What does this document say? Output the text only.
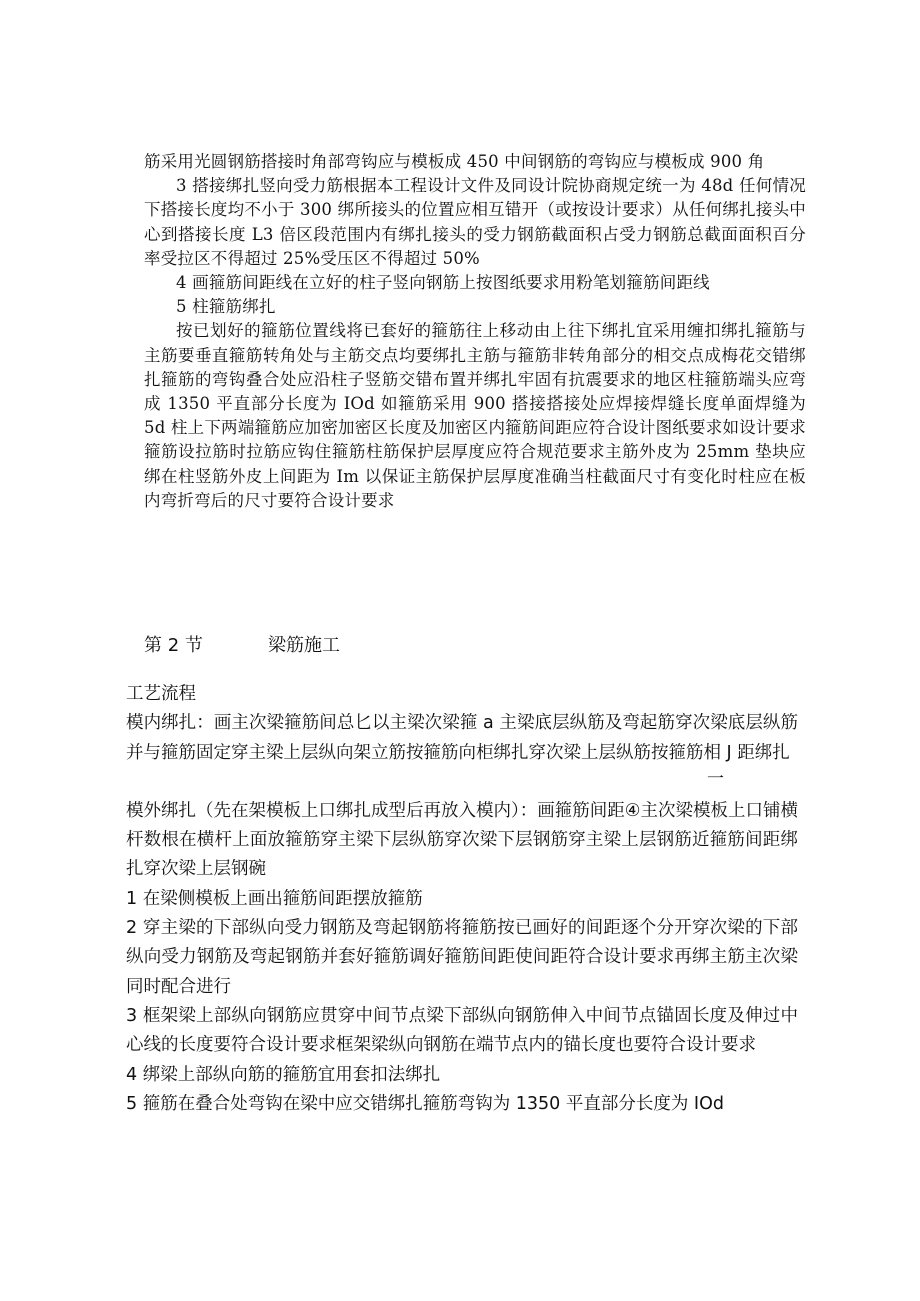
筋采用光圆钢筋搭接时角部弯钩应与模板成 450 中间钢筋的弯钩应与模板成 900 角

3 搭接绑扎竖向受力筋根据本工程设计文件及同设计院协商规定统一为 48d 任何情况下搭接长度均不小于 300 绑所接头的位置应相互错开（或按设计要求）从任何绑扎接头中心到搭接长度 L3 倍区段范围内有绑扎接头的受力钢筋截面积占受力钢筋总截面面积百分率受拉区不得超过 25%受压区不得超过 50%

4 画箍筋间距线在立好的柱子竖向钢筋上按图纸要求用粉笔划箍筋间距线

5 柱箍筋绑扎

按已划好的箍筋位置线将已套好的箍筋往上移动由上往下绑扎宜采用缠扣绑扎箍筋与主筋要垂直箍筋转角处与主筋交点均要绑扎主筋与箍筋非转角部分的相交点成梅花交错绑扎箍筋的弯钩叠合处应沿柱子竖筋交错布置并绑扎牢固有抗震要求的地区柱箍筋端头应弯成 1350 平直部分长度为 IOd 如箍筋采用 900 搭接搭接处应焊接焊缝长度单面焊缝为 5d 柱上下两端箍筋应加密加密区长度及加密区内箍筋间距应符合设计图纸要求如设计要求箍筋设拉筋时拉筋应钩住箍筋柱筋保护层厚度应符合规范要求主筋外皮为 25mm 垫块应绑在柱竖筋外皮上间距为 Im 以保证主筋保护层厚度准确当柱截面尺寸有变化时柱应在板内弯折弯后的尺寸要符合设计要求

第 2 节	梁筋施工

工艺流程

模内绑扎：画主次梁箍筋间总匕以主梁次梁箍 a 主梁底层纵筋及弯起筋穿次梁底层纵筋并与箍筋固定穿主梁上层纵向架立筋按箍筋向柜绑扎穿次梁上层纵筋按箍筋相 J 距绑扎

模外绑扎（先在架模板上口绑扎成型后再放入模内）：画箍筋间距④主次梁模板上口铺横杆数根在横杆上面放箍筋穿主梁下层纵筋穿次梁下层钢筋穿主梁上层钢筋近箍筋间距绑扎穿次梁上层钢碗

1 在梁侧模板上画出箍筋间距摆放箍筋

2 穿主梁的下部纵向受力钢筋及弯起钢筋将箍筋按已画好的间距逐个分开穿次梁的下部纵向受力钢筋及弯起钢筋并套好箍筋调好箍筋间距使间距符合设计要求再绑主筋主次梁同时配合进行

3 框架梁上部纵向钢筋应贯穿中间节点梁下部纵向钢筋伸入中间节点锚固长度及伸过中心线的长度要符合设计要求框架梁纵向钢筋在端节点内的锚长度也要符合设计要求

4 绑梁上部纵向筋的箍筋宜用套扣法绑扎

5 箍筋在叠合处弯钩在梁中应交错绑扎箍筋弯钩为 1350 平直部分长度为 IOd

一
